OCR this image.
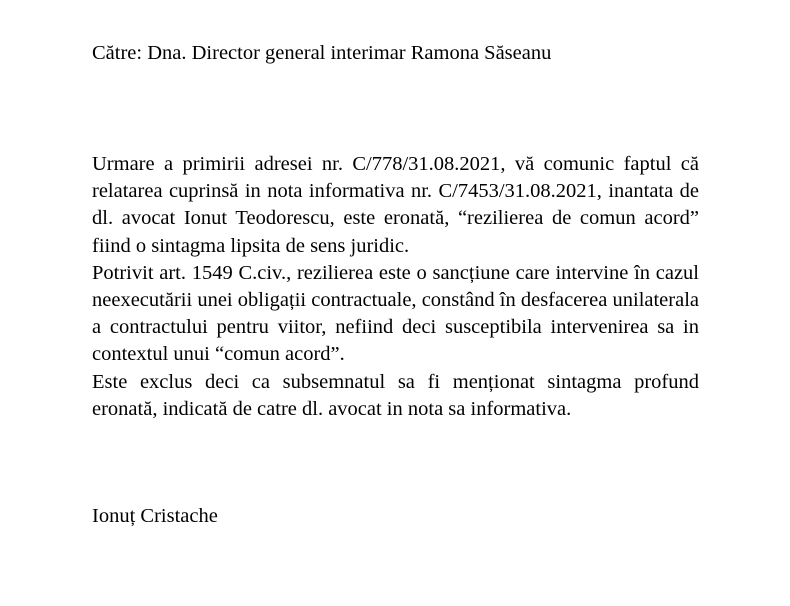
Către: Dna. Director general interimar Ramona Săseanu

Urmare a primirii adresei nr. C/778/31.08.2021, vă comunic faptul că relatarea cuprinsă in nota informativa nr. C/7453/31.08.2021, inantata de dl. avocat Ionut Teodorescu, este eronată, “rezilierea de comun acord” fiind o sintagma lipsita de sens juridic.

Potrivit art. 1549 C.civ., rezilierea este o sancțiune care intervine în cazul neexecutării unei obligații contractuale, constând în desfacerea unilaterala a contractului pentru viitor, nefiind deci susceptibila intervenirea sa in contextul unui “comun acord”.

Este exclus deci ca subsemnatul sa fi menționat sintagma profund eronată, indicată de catre dl. avocat in nota sa informativa.

Ionuț Cristache
